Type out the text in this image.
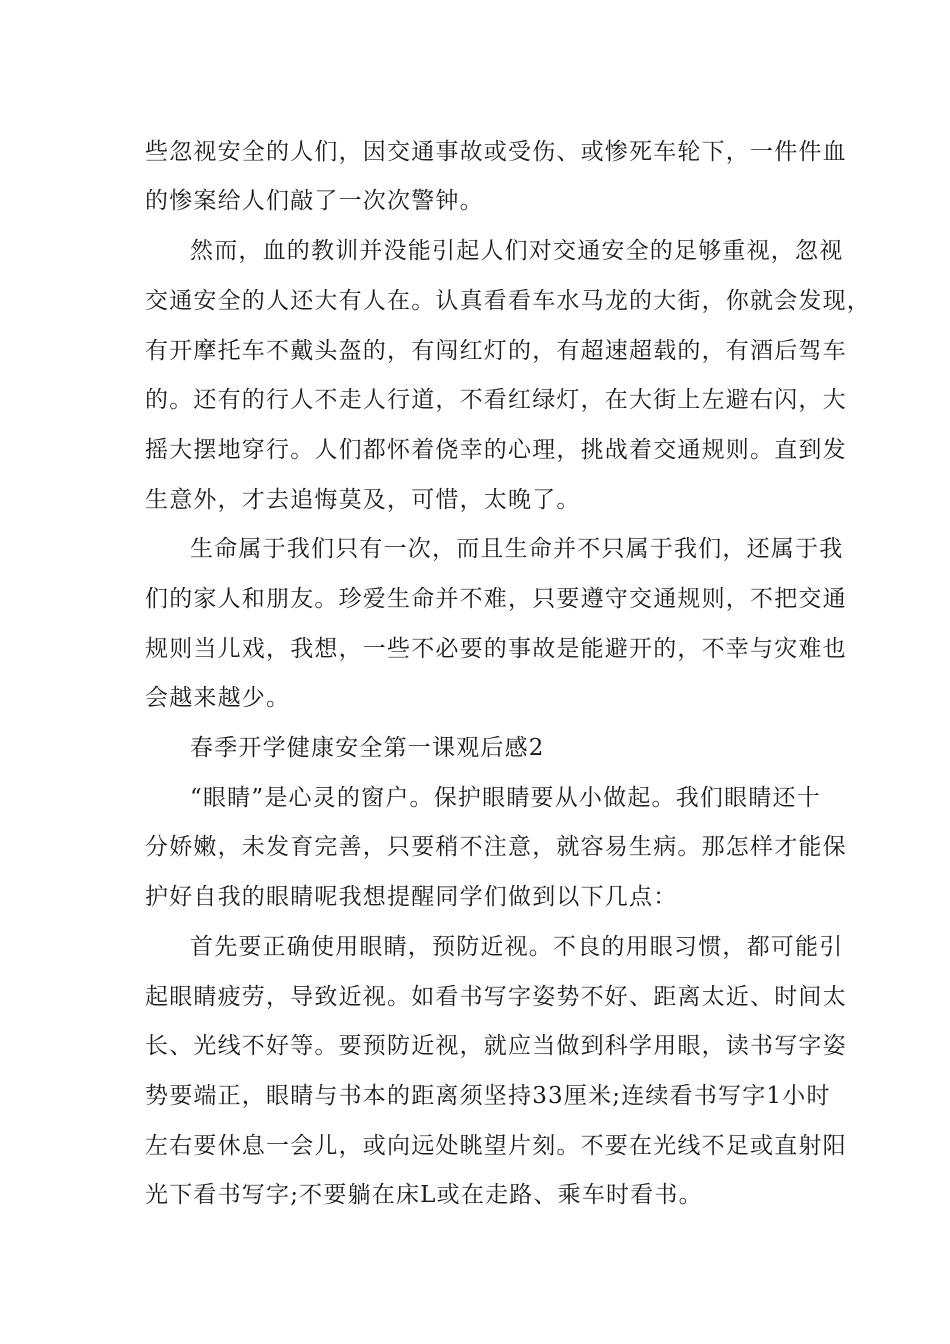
些忽视安全的人们，因交通事故或受伤、或惨死车轮下，一件件血

的惨案给人们敲了一次次警钟。

然而，血的教训并没能引起人们对交通安全的足够重视，忽视

交通安全的人还大有人在。认真看看车水马龙的大街，你就会发现，

有开摩托车不戴头盔的，有闯红灯的，有超速超载的，有酒后驾车

的。还有的行人不走人行道，不看红绿灯，在大街上左避右闪，大

摇大摆地穿行。人们都怀着侥幸的心理，挑战着交通规则。直到发

生意外，才去追悔莫及，可惜，太晚了。

生命属于我们只有一次，而且生命并不只属于我们，还属于我

们的家人和朋友。珍爱生命并不难，只要遵守交通规则，不把交通

规则当儿戏，我想，一些不必要的事故是能避开的，不幸与灾难也

会越来越少。

春季开学健康安全第一课观后感2

“眼睛”是心灵的窗户。保护眼睛要从小做起。我们眼睛还十

分娇嫩，未发育完善，只要稍不注意，就容易生病。那怎样才能保

护好自我的眼睛呢我想提醒同学们做到以下几点：

首先要正确使用眼睛，预防近视。不良的用眼习惯，都可能引

起眼睛疲劳，导致近视。如看书写字姿势不好、距离太近、时间太

长、光线不好等。要预防近视，就应当做到科学用眼，读书写字姿

势要端正，眼睛与书本的距离须坚持33厘米;连续看书写字1小时

左右要休息一会儿，或向远处眺望片刻。不要在光线不足或直射阳

光下看书写字;不要躺在床L或在走路、乘车时看书。
